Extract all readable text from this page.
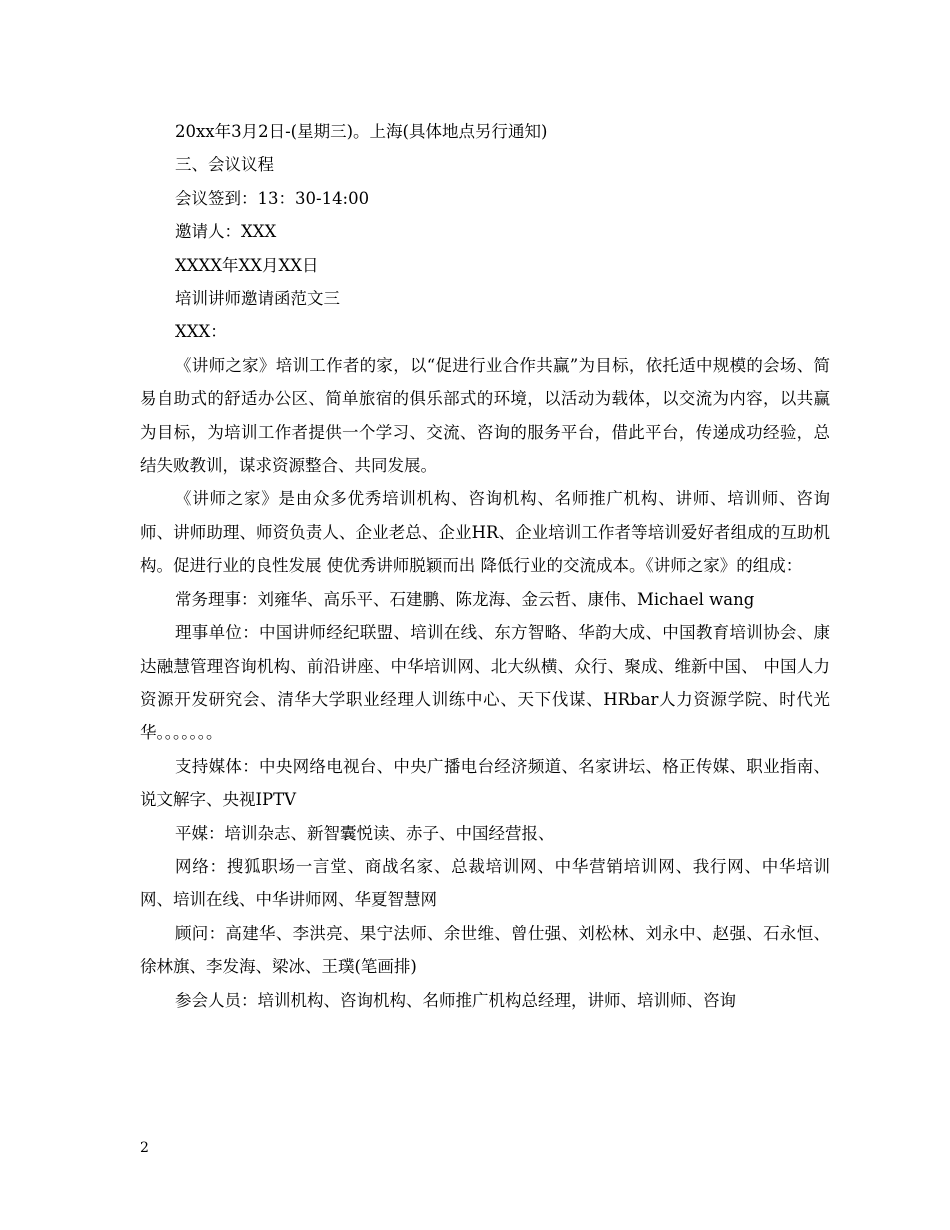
20xx年3月2日-(星期三)。上海(具体地点另行通知)

三、会议议程

会议签到：13：30-14:00

邀请人：XXX

XXXX年XX月XX日

培训讲师邀请函范文三

XXX：

《讲师之家》培训工作者的家，以“促进行业合作共赢”为目标，依托适中规模的会场、简易自助式的舒适办公区、简单旅宿的俱乐部式的环境，以活动为载体，以交流为内容，以共赢为目标，为培训工作者提供一个学习、交流、咨询的服务平台，借此平台，传递成功经验，总结失败教训，谋求资源整合、共同发展。

《讲师之家》是由众多优秀培训机构、咨询机构、名师推广机构、讲师、培训师、咨询师、讲师助理、师资负责人、企业老总、企业HR、企业培训工作者等培训爱好者组成的互助机构。促进行业的良性发展 使优秀讲师脱颖而出 降低行业的交流成本。《讲师之家》的组成：

常务理事：刘雍华、高乐平、石建鹏、陈龙海、金云哲、康伟、Michael wang

理事单位：中国讲师经纪联盟、培训在线、东方智略、华韵大成、中国教育培训协会、康达融慧管理咨询机构、前沿讲座、中华培训网、北大纵横、众行、聚成、维新中国、 中国人力资源开发研究会、清华大学职业经理人训练中心、天下伐谋、HRbar人力资源学院、时代光华。。。。。。。

支持媒体：中央网络电视台、中央广播电台经济频道、名家讲坛、格正传媒、职业指南、说文解字、央视IPTV

平媒：培训杂志、新智囊悦读、赤子、中国经营报、

网络：搜狐职场一言堂、商战名家、总裁培训网、中华营销培训网、我行网、中华培训网、培训在线、中华讲师网、华夏智慧网

顾问：高建华、李洪亮、果宁法师、余世维、曾仕强、刘松林、刘永中、赵强、石永恒、徐林旗、李发海、梁冰、王璞(笔画排)

参会人员：培训机构、咨询机构、名师推广机构总经理，讲师、培训师、咨询

2
